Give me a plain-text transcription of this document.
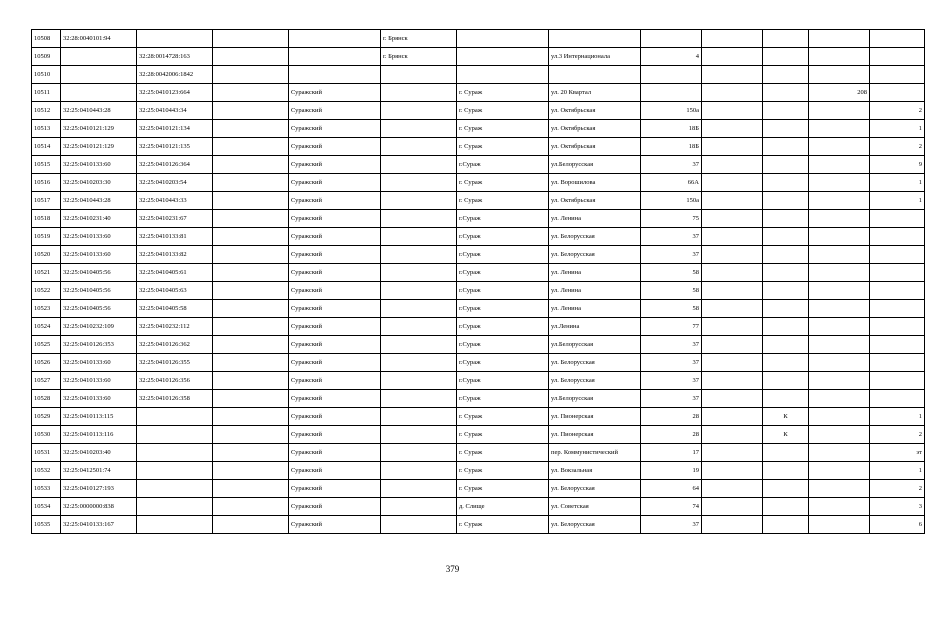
10508	32:28:0040101:94				г. Брянск							
10509		32:28:0014728:163			г. Брянск		ул.3 Интернационала	4				
10510		32:28:0042006:1842										
10511		32:25:0410123:664		Суражский		г. Сураж	ул. 20 Квартал				208	
10512	32:25:0410443:28	32:25:0410443:34		Суражский		г. Сураж	ул. Октябрьская	150а				2
10513	32:25:0410121:129	32:25:0410121:134		Суражский		г. Сураж	ул. Октябрьская	18Б				1
10514	32:25:0410121:129	32:25:0410121:135		Суражский		г. Сураж	ул. Октябрьская	18Б				2
10515	32:25:0410133:60	32:25:0410126:364		Суражский		г.Сураж	ул.Белорусская	37				9
10516	32:25:0410203:30	32:25:0410203:54		Суражский		г. Сураж	ул. Ворошилова	66А				1
10517	32:25:0410443:28	32:25:0410443:33		Суражский		г. Сураж	ул. Октябрьская	150а				1
10518	32:25:0410231:40	32:25:0410231:67		Суражский		г.Сураж	ул. Ленина	75				
10519	32:25:0410133:60	32:25:0410133:81		Суражский		г.Сураж	ул. Белорусская	37				
10520	32:25:0410133:60	32:25:0410133:82		Суражский		г.Сураж	ул. Белорусская	37				
10521	32:25:0410405:56	32:25:0410405:61		Суражский		г.Сураж	ул. Ленина	58				
10522	32:25:0410405:56	32:25:0410405:63		Суражский		г.Сураж	ул. Ленина	58				
10523	32:25:0410405:56	32:25:0410405:58		Суражский		г.Сураж	ул. Ленина	58				
10524	32:25:0410232:109	32:25:0410232:112		Суражский		г.Сураж	ул.Ленина	77				
10525	32:25:0410126:353	32:25:0410126:362		Суражский		г.Сураж	ул.Белорусская	37				
10526	32:25:0410133:60	32:25:0410126:355		Суражский		г.Сураж	ул. Белорусская	37				
10527	32:25:0410133:60	32:25:0410126:356		Суражский		г.Сураж	ул. Белорусская	37				
10528	32:25:0410133:60	32:25:0410126:358		Суражский		г.Сураж	ул.Белорусская	37				
10529	32:25:0410113:115			Суражский		г. Сураж	ул. Пионерская	28		К		1
10530	32:25:0410113:116			Суражский		г. Сураж	ул. Пионерская	28		К		2
10531	32:25:0410203:40			Суражский		г. Сураж	пер. Коммунистический	17				эт
10532	32:25:0412501:74			Суражский		г. Сураж	ул. Вокзальная	19				1
10533	32:25:0410127:193			Суражский		г. Сураж	ул. Белорусская	64				2
10534	32:25:0000000:838			Суражский		д. Слище	ул. Советская	74				3
10535	32:25:0410133:167			Суражский		г. Сураж	ул. Белорусская	37				6
379
